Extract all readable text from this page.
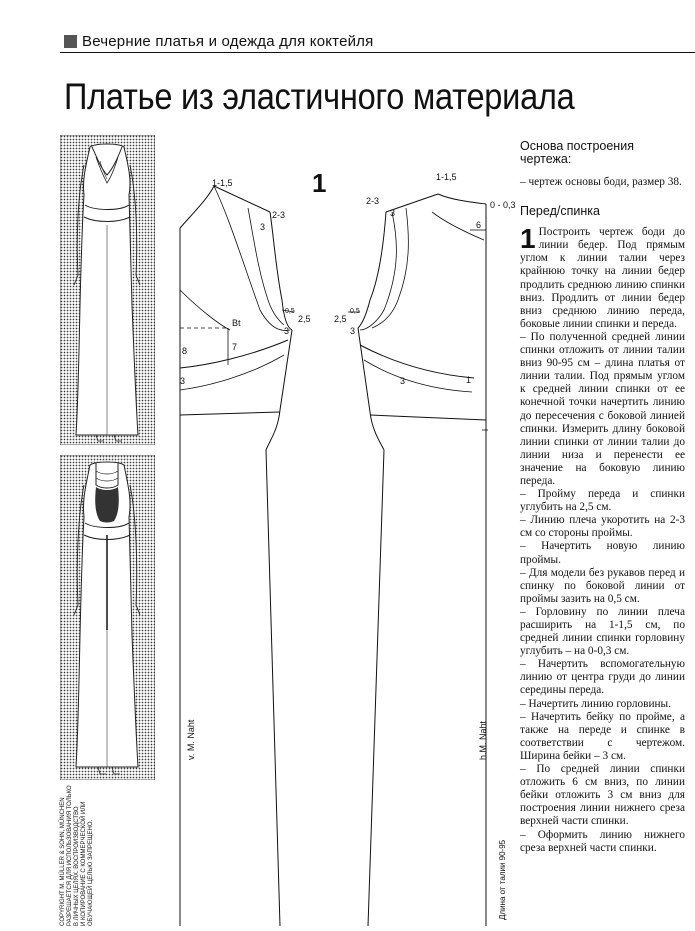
Вечерние платья и одежда для коктейля
Платье из эластичного материала
COPYRIGHT M. MÜLLER & SOHN, MÜNCHEN РАЗРЕШАЕТСЯ ДЛЯ ИСПОЛЬЗОВАНИЯ ТОЛЬКО В ЛИЧНЫХ ЦЕЛЯХ. ВОСПРОИЗВОДСТВО И КОПИРОВАНИЕ С КОММЕРЧЕСКОЙ ИЛИ ОБУЧАЮЩЕЙ ЦЕЛЬЮ ЗАПРЕЩЕНО.
1
1-1,5
2-3
3
0,5
2,5
3
Bt
8	7
3
1-1,5
2-3	0 - 0,3
3
6
2,5
0,5
3
3	1
v. M. Naht	h.M. Naht
Длина от талии 90-95
Основа построения чертежа:

– чертеж основы боди, размер 38.

Перед/спинка

1 Построить чертеж боди до линии бедер. Под прямым углом к линии талии через крайнюю точку на линии бедер продлить среднюю линию спинки вниз. Продлить от линии бедер вниз среднюю линию переда, боковые линии спинки и переда.

– По полученной средней линии спинки отложить от линии талии вниз 90-95 см – длина платья от линии талии. Под прямым углом к средней линии спинки от ее конечной точки начертить линию до пересечения с боковой линией спинки. Измерить длину боковой линии спинки от линии талии до линии низа и перенести ее значение на боковую линию переда.

– Пройму переда и спинки углубить на 2,5 см.

– Линию плеча укоротить на 2-3 см со стороны проймы.

– Начертить новую линию проймы.

– Для модели без рукавов перед и спинку по боковой линии от проймы зазить на 0,5 см.

– Горловину по линии плеча расширить на 1-1,5 см, по средней линии спинки горловину углубить – на 0-0,3 см.

– Начертить вспомогательную линию от центра груди до линии середины переда.

– Начертить линию горловины.

– Начертить бейку по пройме, а также на переде и спинке в соответствии с чертежом. Ширина бейки – 3 см.

– По средней линии спинки отложить 6 см вниз, по линии бейки отложить 3 см вниз для построения линии нижнего среза верхней части спинки.

– Оформить линию нижнего среза верхней части спинки.
